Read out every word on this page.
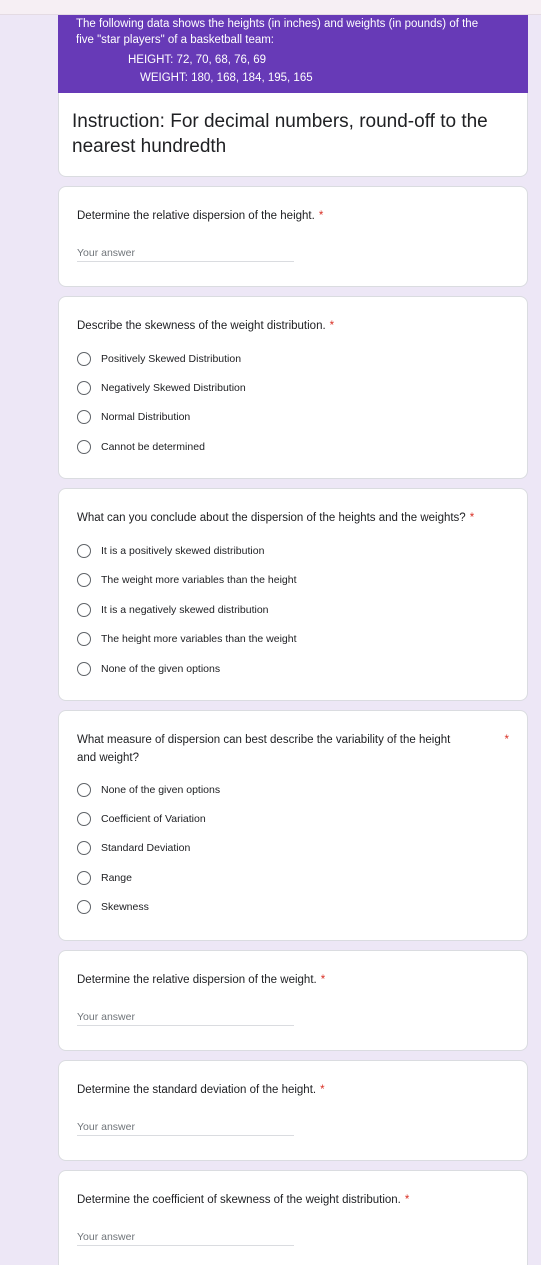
The following data shows the heights (in inches) and weights (in pounds) of the
five "star players" of a basketball team:
HEIGHT: 72, 70, 68, 76, 69
WEIGHT: 180, 168, 184, 195, 165
Instruction: For decimal numbers, round-off to the nearest hundredth
Determine the relative dispersion of the height. *
Your answer
Describe the skewness of the weight distribution. *
Positively Skewed Distribution
Negatively Skewed Distribution
Normal Distribution
Cannot be determined
What can you conclude about the dispersion of the heights and the weights? *
It is a positively skewed distribution
The weight more variables than the height
It is a negatively skewed distribution
The height more variables than the weight
None of the given options
What measure of dispersion can best describe the variability of the height and weight?
*
None of the given options
Coefficient of Variation
Standard Deviation
Range
Skewness
Determine the relative dispersion of the weight. *
Your answer
Determine the standard deviation of the height. *
Your answer
Determine the coefficient of skewness of the weight distribution. *
Your answer
